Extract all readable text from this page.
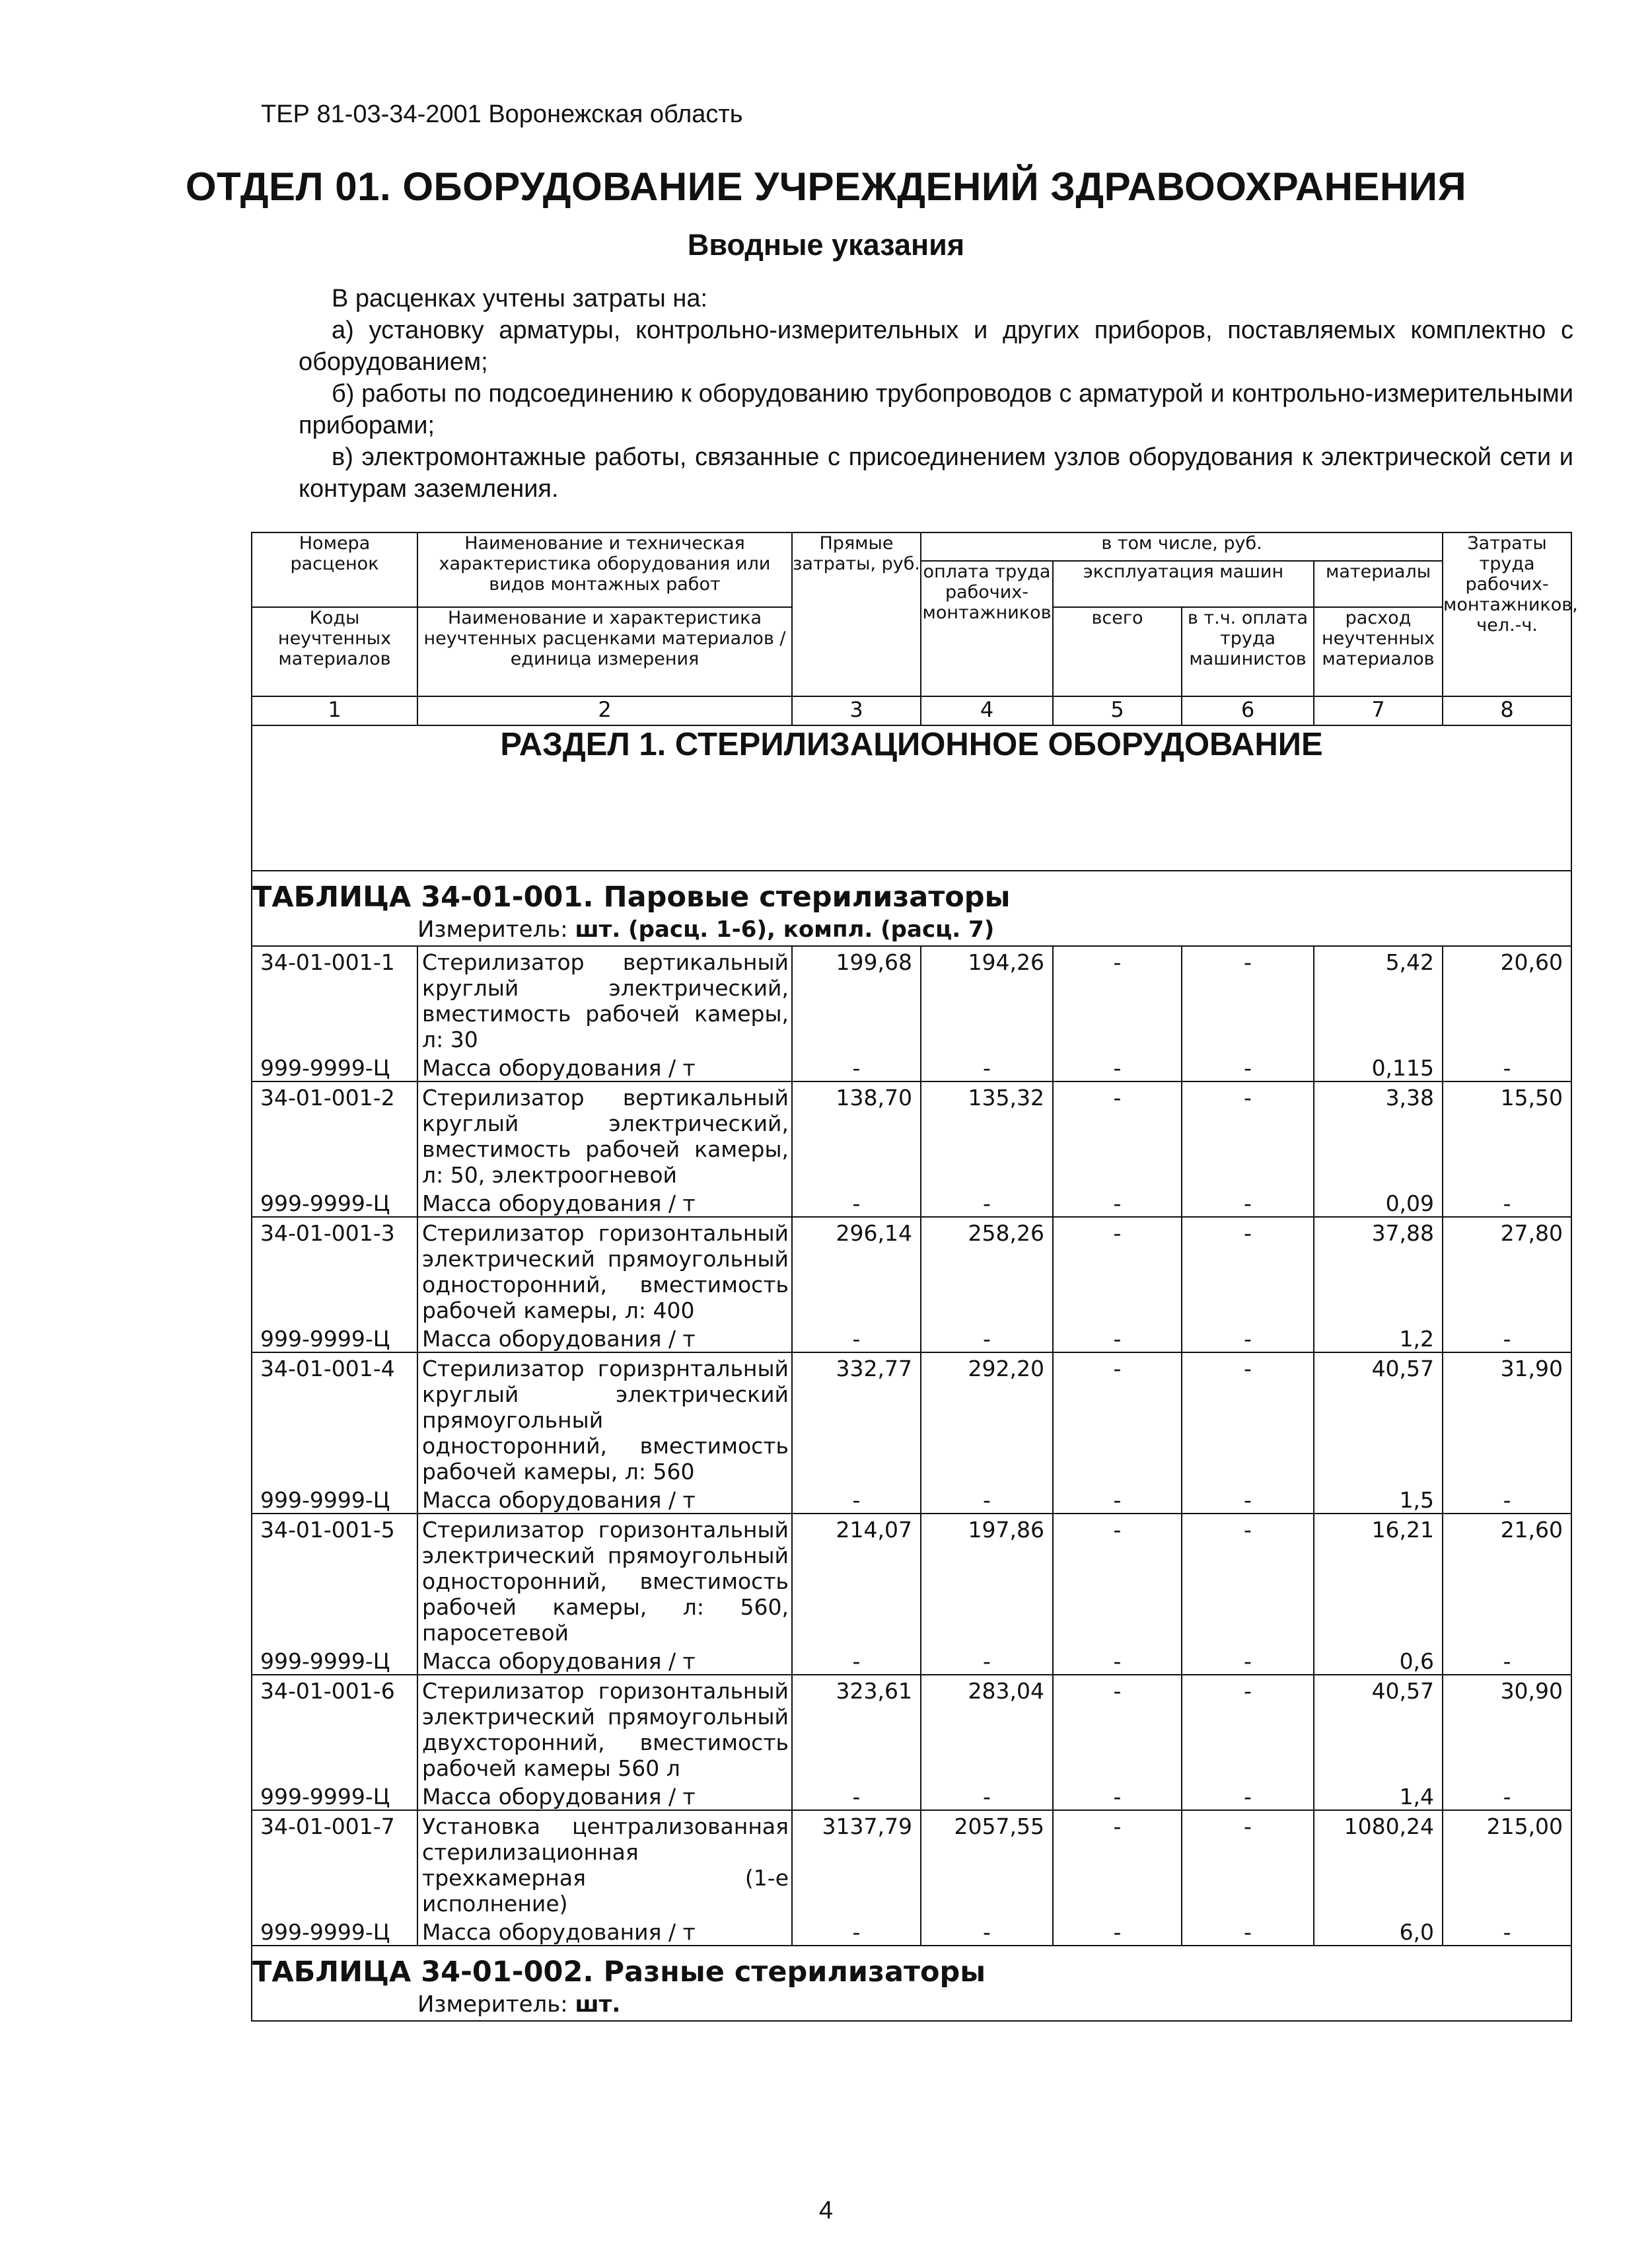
ТЕР 81-03-34-2001 Воронежская область
ОТДЕЛ 01. ОБОРУДОВАНИЕ УЧРЕЖДЕНИЙ ЗДРАВООХРАНЕНИЯ
Вводные указания

В расценках учтены затраты на:

а) установку арматуры, контрольно-измерительных и других приборов, поставляемых комплектно с оборудованием;

б) работы по подсоединению к оборудованию трубопроводов с арматурой и контрольно-измерительными приборами;

в) электромонтажные работы, связанные с присоединением узлов оборудования к электрической сети и контурам заземления.

Номера расценок	Наименование и техническая характеристика оборудования или видов монтажных работ	Прямые затраты, руб.	в том числе, руб.				Затраты труда рабочих-монтажников, чел.-ч.
			оплата труда рабочих-монтажников	эксплуатация машин		материалы	
Коды неучтенных материалов	Наименование и характеристика неучтенных расценками материалов / единица измерения			всего	в т.ч. оплата труда машинистов	расход неучтенных материалов	

1	2	3	4	5	6	7	8
РАЗДЕЛ 1. СТЕРИЛИЗАЦИОННОЕ ОБОРУДОВАНИЕ							

ТАБЛИЦА 34-01-001. Паровые стерилизаторы
Измеритель: шт. (расц. 1-6), компл. (расц. 7)							

34-01-001-1	Стерилизатор вертикальный круглый электрический, вместимость рабочей камеры, л: 30	199,68	194,26	-	-	5,42	20,60
999-9999-Ц	Масса оборудования / т	-	-	-	-	0,115	-
34-01-001-2	Стерилизатор вертикальный круглый электрический, вместимость рабочей камеры, л: 50, электроогневой	138,70	135,32	-	-	3,38	15,50
999-9999-Ц	Масса оборудования / т	-	-	-	-	0,09	-
34-01-001-3	Стерилизатор горизонтальный электрический прямоугольный односторонний, вместимость рабочей камеры, л: 400	296,14	258,26	-	-	37,88	27,80
999-9999-Ц	Масса оборудования / т	-	-	-	-	1,2	-
34-01-001-4	Стерилизатор горизрнтальный круглый электрический прямоугольный односторонний, вместимость рабочей камеры, л: 560	332,77	292,20	-	-	40,57	31,90
999-9999-Ц	Масса оборудования / т	-	-	-	-	1,5	-
34-01-001-5	Стерилизатор горизонтальный электрический прямоугольный односторонний, вместимость рабочей камеры, л: 560, паросетевой	214,07	197,86	-	-	16,21	21,60
999-9999-Ц	Масса оборудования / т	-	-	-	-	0,6	-
34-01-001-6	Стерилизатор горизонтальный электрический прямоугольный двухсторонний, вместимость рабочей камеры 560 л	323,61	283,04	-	-	40,57	30,90
999-9999-Ц	Масса оборудования / т	-	-	-	-	1,4	-
34-01-001-7	Установка централизованная стерилизационная трехкамерная (1-е исполнение)	3137,79	2057,55	-	-	1080,24	215,00
999-9999-Ц	Масса оборудования / т	-	-	-	-	6,0	-

ТАБЛИЦА 34-01-002. Разные стерилизаторы
Измеритель: шт.							
4
